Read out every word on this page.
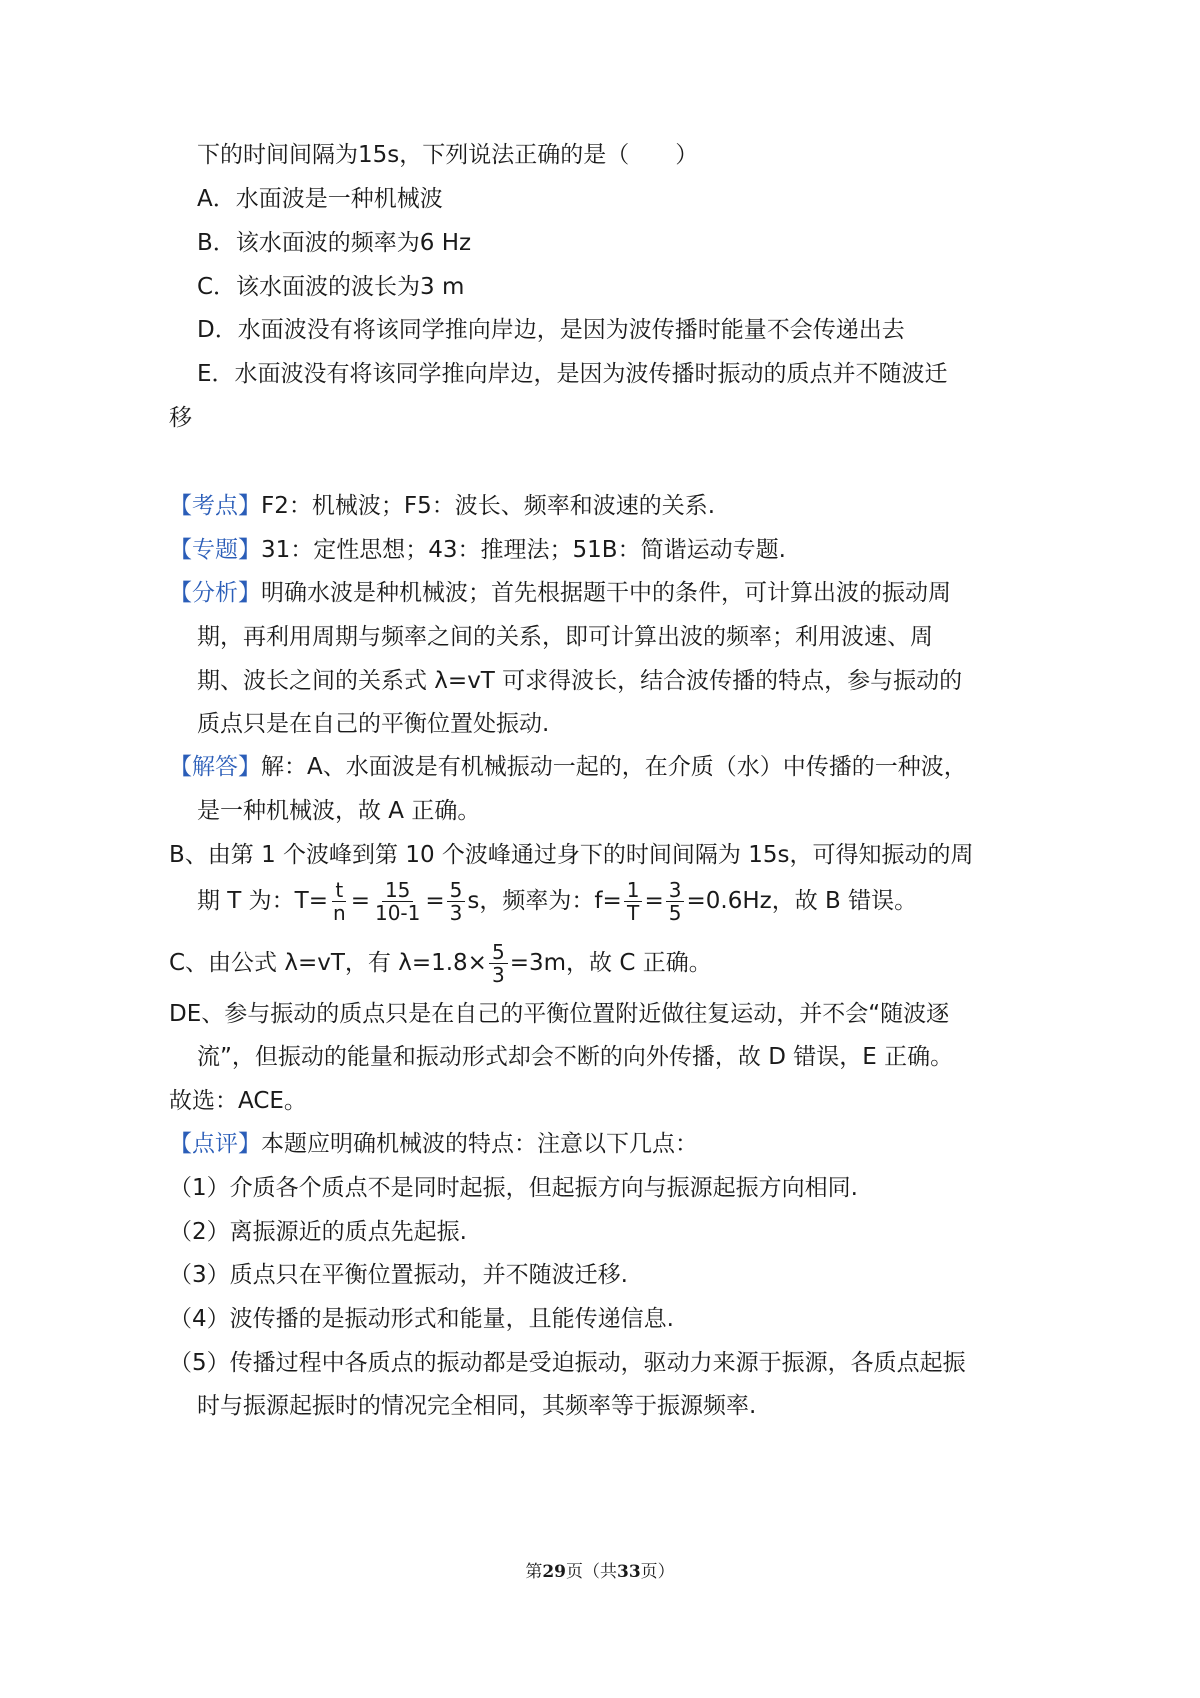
下的时间间隔为15s，下列说法正确的是（　　）
A．水面波是一种机械波
B．该水面波的频率为6 Hz
C．该水面波的波长为3 m
D．水面波没有将该同学推向岸边，是因为波传播时能量不会传递出去
E．水面波没有将该同学推向岸边，是因为波传播时振动的质点并不随波迁
移
【考点】F2：机械波；F5：波长、频率和波速的关系.
【专题】31：定性思想；43：推理法；51B：简谐运动专题.
【分析】明确水波是种机械波；首先根据题干中的条件，可计算出波的振动周
期，再利用周期与频率之间的关系，即可计算出波的频率；利用波速、周
期、波长之间的关系式 λ=vT 可求得波长，结合波传播的特点，参与振动的
质点只是在自己的平衡位置处振动.
【解答】解：A、水面波是有机械振动一起的，在介质（水）中传播的一种波，
是一种机械波，故 A 正确。
B、由第 1 个波峰到第 10 个波峰通过身下的时间间隔为 15s，可得知振动的周
期 T 为：$T= \frac{t}{n} = \frac{15}{10-1} = \frac{5}{3}$ s，频率为：$f= \frac{1}{T} = \frac{3}{5} =0.6Hz$，故 B 错误。
C、由公式 λ=vT，有 $\lambda=1.8\times \frac{5}{3} =3m$，故 C 正确。
DE、参与振动的质点只是在自己的平衡位置附近做往复运动，并不会“随波逐
流”，但振动的能量和振动形式却会不断的向外传播，故 D 错误，E 正确。
故选：ACE。
【点评】本题应明确机械波的特点：注意以下几点：
（1）介质各个质点不是同时起振，但起振方向与振源起振方向相同.
（2）离振源近的质点先起振.
（3）质点只在平衡位置振动，并不随波迁移.
（4）波传播的是振动形式和能量，且能传递信息.
（5）传播过程中各质点的振动都是受迫振动，驱动力来源于振源，各质点起振
时与振源起振时的情况完全相同，其频率等于振源频率.
第29页（共33页）
